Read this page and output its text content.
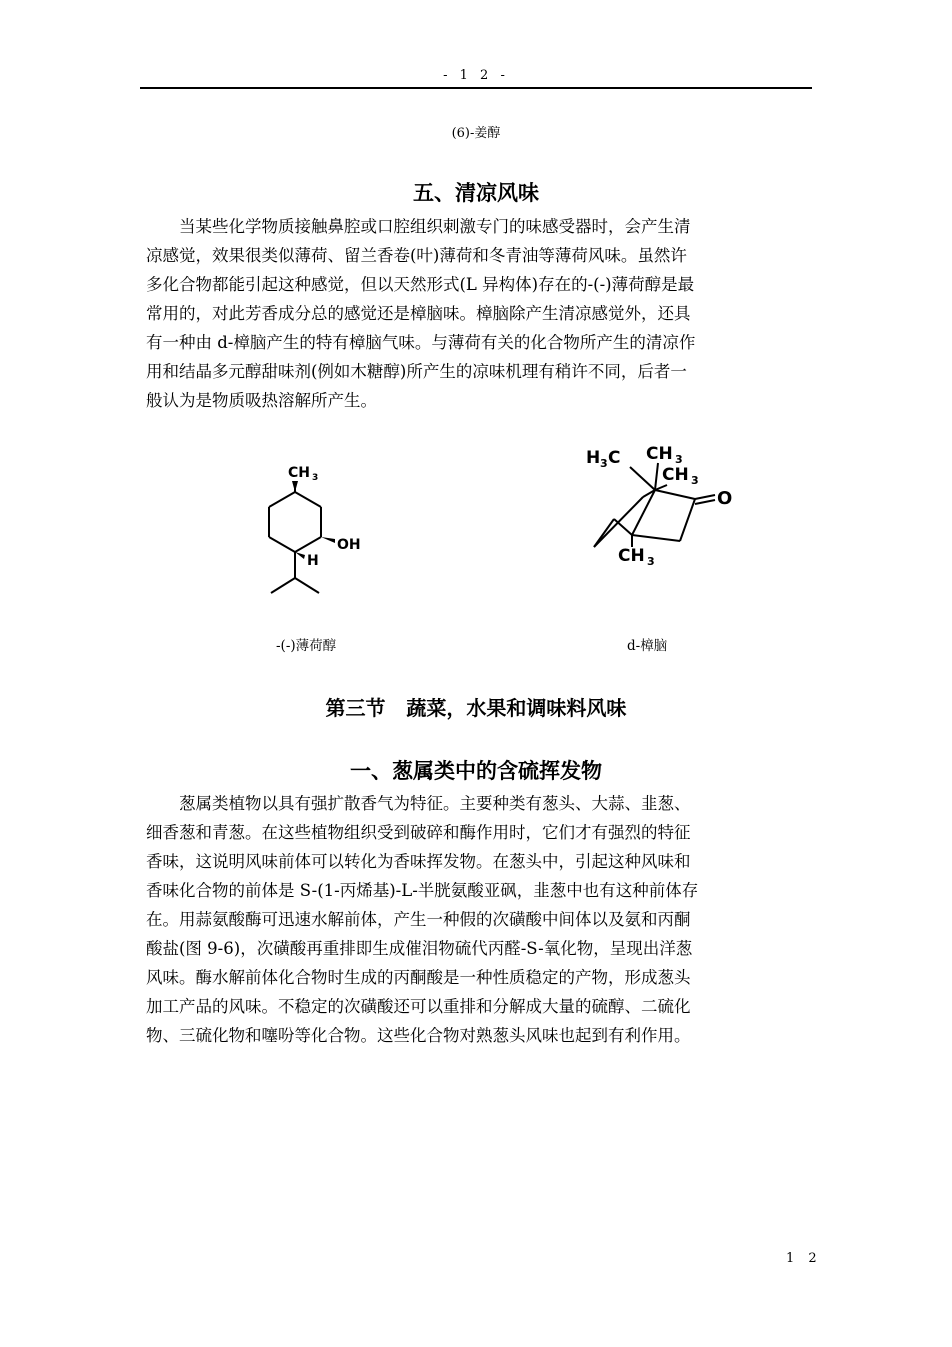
- 1 2 -
(6)-姜醇
五、清凉风味
当某些化学物质接触鼻腔或口腔组织刺激专门的味感受器时，会产生清
凉感觉，效果很类似薄荷、留兰香卷(叶)薄荷和冬青油等薄荷风味。虽然许
多化合物都能引起这种感觉，但以天然形式(L 异构体)存在的-(-)薄荷醇是最
常用的，对此芳香成分总的感觉还是樟脑味。樟脑除产生清凉感觉外，还具
有一种由 d-樟脑产生的特有樟脑气味。与薄荷有关的化合物所产生的清凉作
用和结晶多元醇甜味剂(例如木糖醇)所产生的凉味机理有稍许不同，后者一
般认为是物质吸热溶解所产生。
CH 3
OH
H
H 3 C CH 3
CH 3
O
CH 3
-(-)薄荷醇	d-樟脑
第三节   蔬菜，水果和调味料风味
一、葱属类中的含硫挥发物
葱属类植物以具有强扩散香气为特征。主要种类有葱头、大蒜、韭葱、
细香葱和青葱。在这些植物组织受到破碎和酶作用时，它们才有强烈的特征
香味，这说明风味前体可以转化为香味挥发物。在葱头中，引起这种风味和
香味化合物的前体是 S-(1-丙烯基)-L-半胱氨酸亚砜，韭葱中也有这种前体存
在。用蒜氨酸酶可迅速水解前体，产生一种假的次磺酸中间体以及氨和丙酮
酸盐(图 9-6)，次磺酸再重排即生成催泪物硫代丙醛-S-氧化物，呈现出洋葱
风味。酶水解前体化合物时生成的丙酮酸是一种性质稳定的产物，形成葱头
加工产品的风味。不稳定的次磺酸还可以重排和分解成大量的硫醇、二硫化
物、三硫化物和噻吩等化合物。这些化合物对熟葱头风味也起到有利作用。
1 2
